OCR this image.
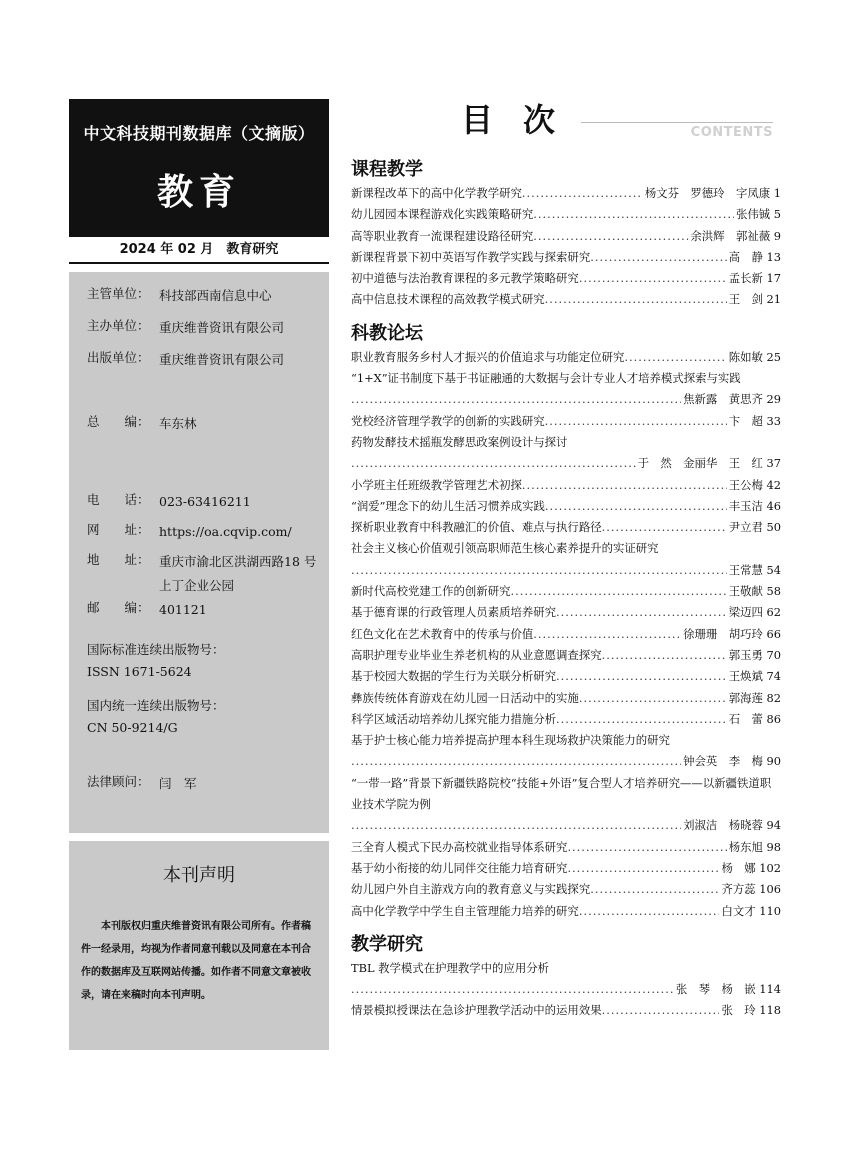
中文科技期刊数据库（文摘版）
教育
2024 年 02 月　教育研究
主管单位： 科技部西南信息中心
主办单位： 重庆维普资讯有限公司
出版单位： 重庆维普资讯有限公司
总　　编： 车东林
电　　话： 023-63416211
网　　址： https://oa.cqvip.com/
地　　址： 重庆市渝北区洪湖西路18 号上丁企业公园
邮　　编： 401121
国际标准连续出版物号：
ISSN 1671-5624
国内统一连续出版物号：
CN 50-9214/G
法律顾问： 闫　军
本刊声明
本刊版权归重庆维普资讯有限公司所有。作者稿件一经录用，均视为作者同意刊载以及同意在本刊合作的数据库及互联网站传播。如作者不同意文章被收录，请在来稿时向本刊声明。
目次	CONTENTS
课程教学
新课程改革下的高中化学教学研究 .....	杨文芬　罗德玲　字凤康 1
幼儿园园本课程游戏化实践策略研究 .....	张伟铖 5
高等职业教育一流课程建设路径研究 .....	余洪辉　郭祉薇 9
新课程背景下初中英语写作教学实践与探索研究 .....	高　静 13
初中道德与法治教育课程的多元教学策略研究 .....	孟长新 17
高中信息技术课程的高效教学模式研究 .....	王　剑 21
科教论坛
职业教育服务乡村人才振兴的价值追求与功能定位研究 .....	陈如敏 25
“1+X”证书制度下基于书证融通的大数据与会计专业人才培养模式探索与实践
.....
焦新露　黄思齐 29
党校经济管理学教学的创新的实践研究 .....	卞　超 33
药物发酵技术摇瓶发酵思政案例设计与探讨
.....
于　然　金丽华　王　红 37
小学班主任班级教学管理艺术初探 .....	王公梅 42
“润爱”理念下的幼儿生活习惯养成实践 .....	丰玉洁 46
探析职业教育中科教融汇的价值、难点与执行路径 .....	尹立君 50
社会主义核心价值观引领高职师范生核心素养提升的实证研究
.....
王常慧 54
新时代高校党建工作的创新研究 .....	王敬献 58
基于德育课的行政管理人员素质培养研究 .....	梁迈四 62
红色文化在艺术教育中的传承与价值 .....	徐珊珊　胡巧玲 66
高职护理专业毕业生养老机构的从业意愿调查探究 .....	郭玉勇 70
基于校园大数据的学生行为关联分析研究 .....	王焕斌 74
彝族传统体育游戏在幼儿园一日活动中的实施 .....	郭海莲 82
科学区域活动培养幼儿探究能力措施分析 .....	石　蕾 86
基于护士核心能力培养提高护理本科生现场救护决策能力的研究
.....
钟会英　李　梅 90
“一带一路”背景下新疆铁路院校“技能+外语”复合型人才培养研究——以新疆铁道职业技术学院为例
.....
刘淑洁　杨晓蓉 94
三全育人模式下民办高校就业指导体系研究 .....	杨东旭 98
基于幼小衔接的幼儿同伴交往能力培育研究 .....	杨　娜 102
幼儿园户外自主游戏方向的教育意义与实践探究 .....	齐方蕊 106
高中化学教学中学生自主管理能力培养的研究 .....	白文才 110
教学研究
TBL 教学模式在护理教学中的应用分析
.....
张　琴　杨　嵌 114
情景模拟授课法在急诊护理教学活动中的运用效果 .....	张　玲 118
